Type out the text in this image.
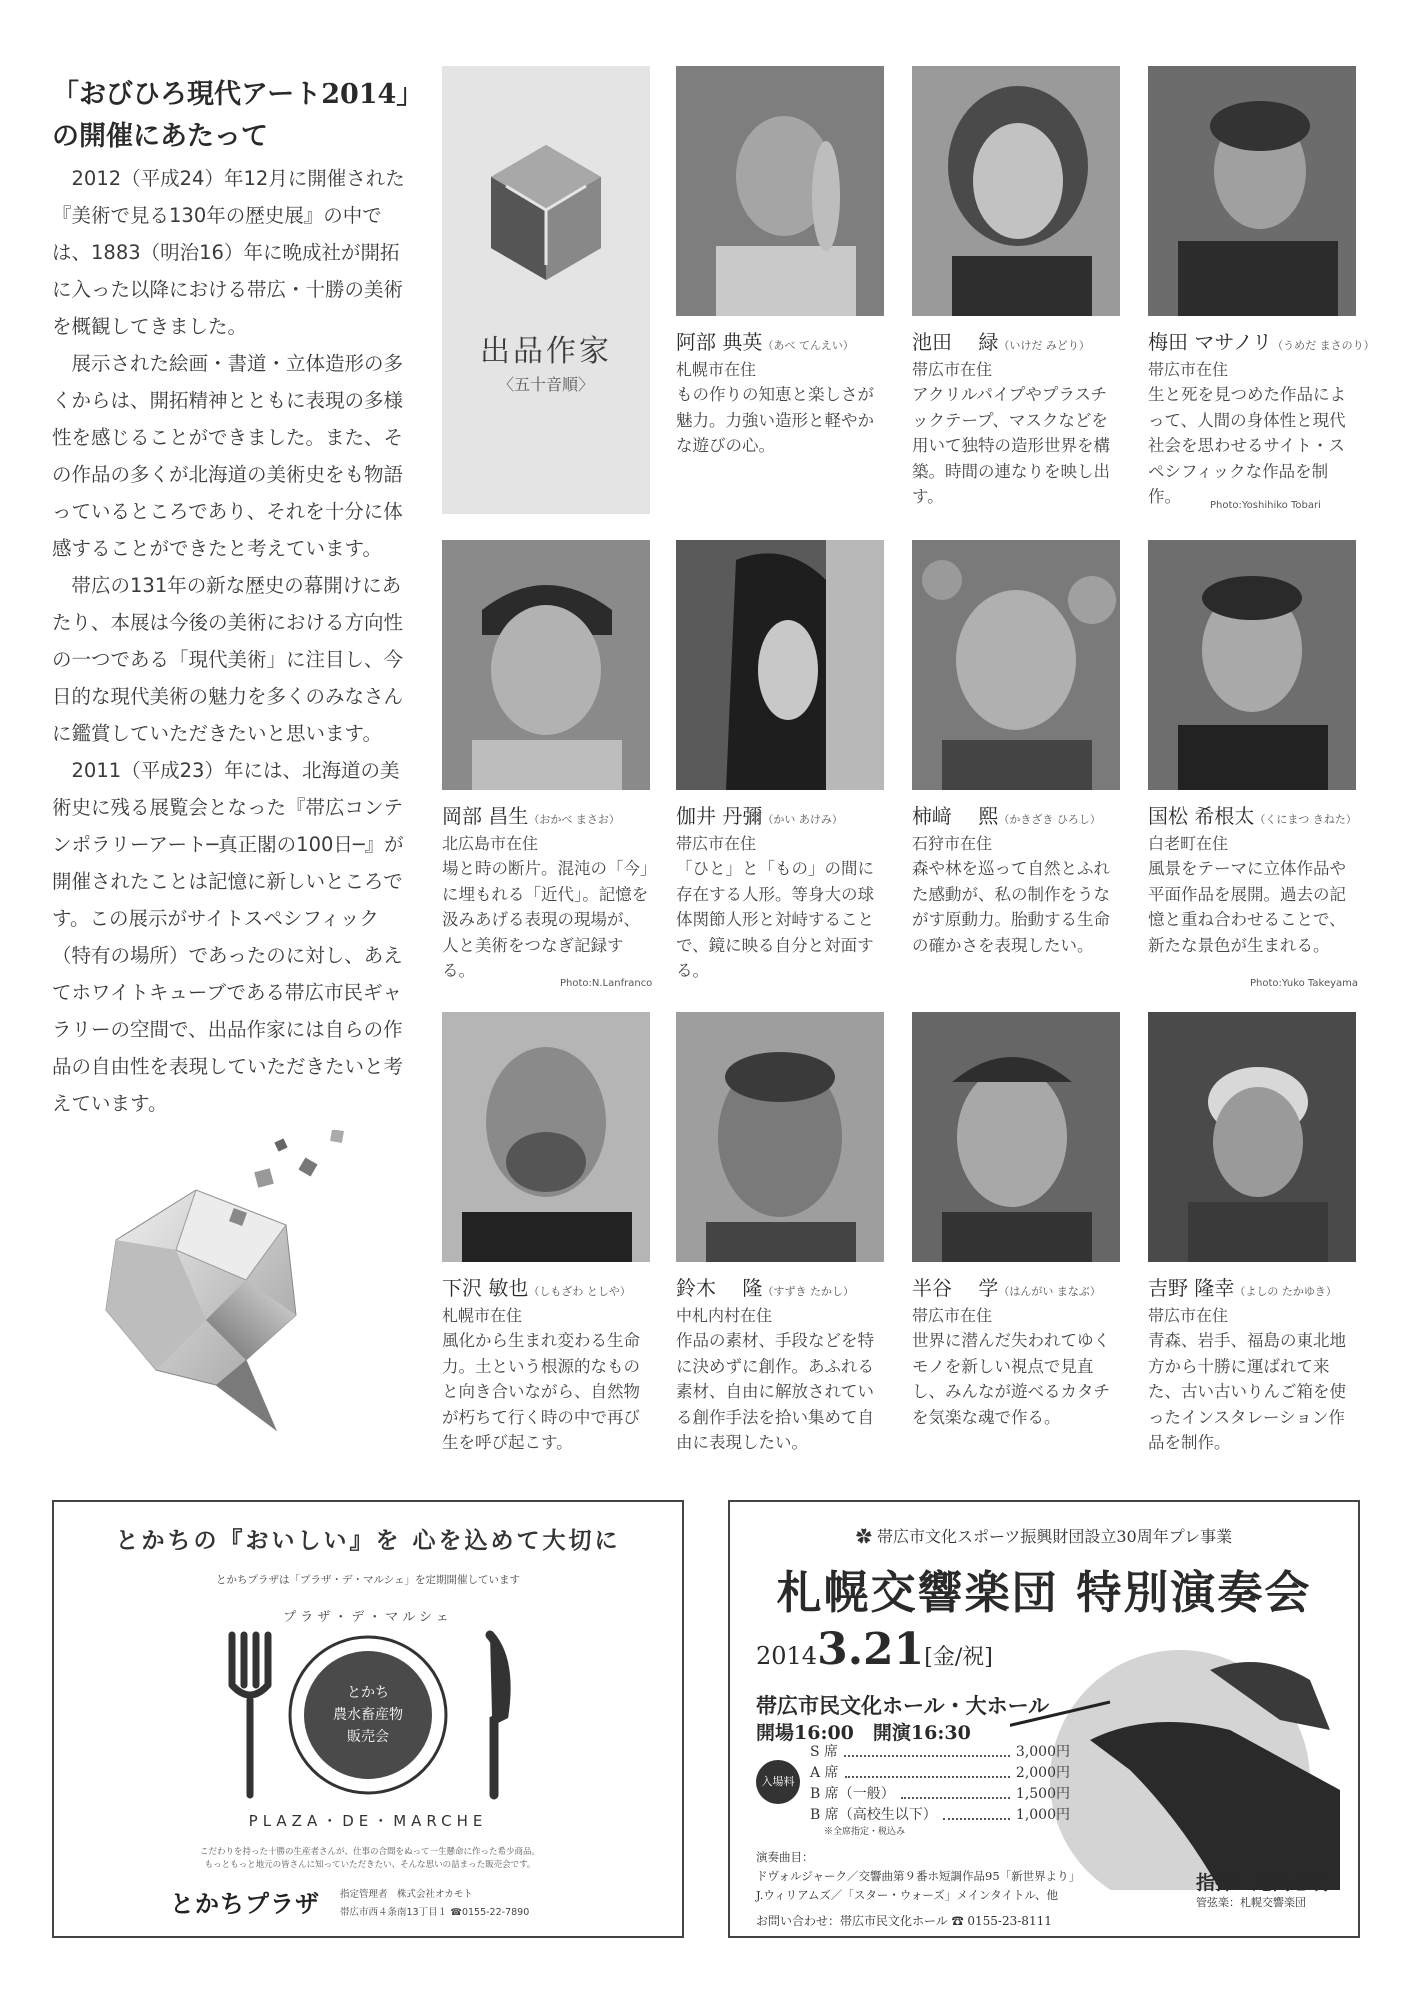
「おびひろ現代アート2014」の開催にあたって

2012（平成24）年12月に開催された『美術で見る130年の歴史展』の中では、1883（明治16）年に晩成社が開拓に入った以降における帯広・十勝の美術を概観してきました。

展示された絵画・書道・立体造形の多くからは、開拓精神とともに表現の多様性を感じることができました。また、その作品の多くが北海道の美術史をも物語っているところであり、それを十分に体感することができたと考えています。

帯広の131年の新な歴史の幕開けにあたり、本展は今後の美術における方向性の一つである「現代美術」に注目し、今日的な現代美術の魅力を多くのみなさんに鑑賞していただきたいと思います。

2011（平成23）年には、北海道の美術史に残る展覧会となった『帯広コンテンポラリーアート─真正閣の100日─』が開催されたことは記憶に新しいところです。この展示がサイトスペシフィック（特有の場所）であったのに対し、あえてホワイトキューブである帯広市民ギャラリーの空間で、出品作家には自らの作品の自由性を表現していただきたいと考えています。

出品作家
〈五十音順〉
阿部 典英（あべ てんえい）
札幌市在住
もの作りの知恵と楽しさが魅力。力強い造形と軽やかな遊びの心。
池田　 緑（いけだ みどり）
帯広市在住
アクリルパイプやプラスチックテープ、マスクなどを用いて独特の造形世界を構築。時間の連なりを映し出す。
梅田 マサノリ（うめだ まさのり）
帯広市在住
生と死を見つめた作品によって、人間の身体性と現代社会を思わせるサイト・スペシフィックな作品を制作。	Photo:Yoshihiko Tobari
岡部 昌生（おかべ まさお）
北広島市在住
場と時の断片。混沌の「今」に埋もれる「近代」。記憶を汲みあげる表現の現場が、人と美術をつなぎ記録する。
Photo:N.Lanfranco
伽井 丹彌（かい あけみ）
帯広市在住
「ひと」と「もの」の間に存在する人形。等身大の球体関節人形と対峙することで、鏡に映る自分と対面する。
柿﨑　 熙（かきざき ひろし）
石狩市在住
森や林を巡って自然とふれた感動が、私の制作をうながす原動力。胎動する生命の確かさを表現したい。
国松 希根太（くにまつ きねた）
白老町在住
風景をテーマに立体作品や平面作品を展開。過去の記憶と重ね合わせることで、新たな景色が生まれる。
Photo:Yuko Takeyama
下沢 敏也（しもざわ としや）
札幌市在住
風化から生まれ変わる生命力。土という根源的なものと向き合いながら、自然物が朽ちて行く時の中で再び生を呼び起こす。
鈴木　 隆（すずき たかし）
中札内村在住
作品の素材、手段などを特に決めずに創作。あふれる素材、自由に解放されている創作手法を拾い集めて自由に表現したい。
半谷　 学（はんがい まなぶ）
帯広市在住
世界に潜んだ失われてゆくモノを新しい視点で見直し、みんなが遊べるカタチを気楽な魂で作る。
吉野 隆幸（よしの たかゆき）
帯広市在住
青森、岩手、福島の東北地方から十勝に運ばれて来た、古い古いりんご箱を使ったインスタレーション作品を制作。
とかちの『おいしい』を 心を込めて大切に
とかちプラザは「プラザ・デ・マルシェ」を定期開催しています
プラザ・デ・マルシェ
とかち
農水畜産物
販売会
PLAZA・DE・MARCHE
こだわりを持った十勝の生産者さんが、仕事の合間をぬって一生懸命に作った希少商品。
もっともっと地元の皆さんに知っていただきたい、そんな思いの詰まった販売会です。
とかちプラザ 指定管理者　株式会社オカモト
帯広市西４条南13丁目１ ☎0155-22-7890
✿ 帯広市文化スポーツ振興財団設立30周年プレ事業
札幌交響楽団 特別演奏会
20143.21[金/祝]
帯広市民文化ホール・大ホール
開場16:00　開演16:30
入場料
S 席	3,000円
A 席	2,000円
B 席（一般）	1,500円
B 席（高校生以下）	1,000円
※全席指定・税込み
演奏曲目：
ドヴォルジャーク／交響曲第９番ホ短調作品95「新世界より」
J.ウィリアムズ／「スター・ウォーズ」メインタイトル、他
指揮：尾高忠明
管弦楽：札幌交響楽団
お問い合わせ：帯広市民文化ホール ☎ 0155-23-8111
